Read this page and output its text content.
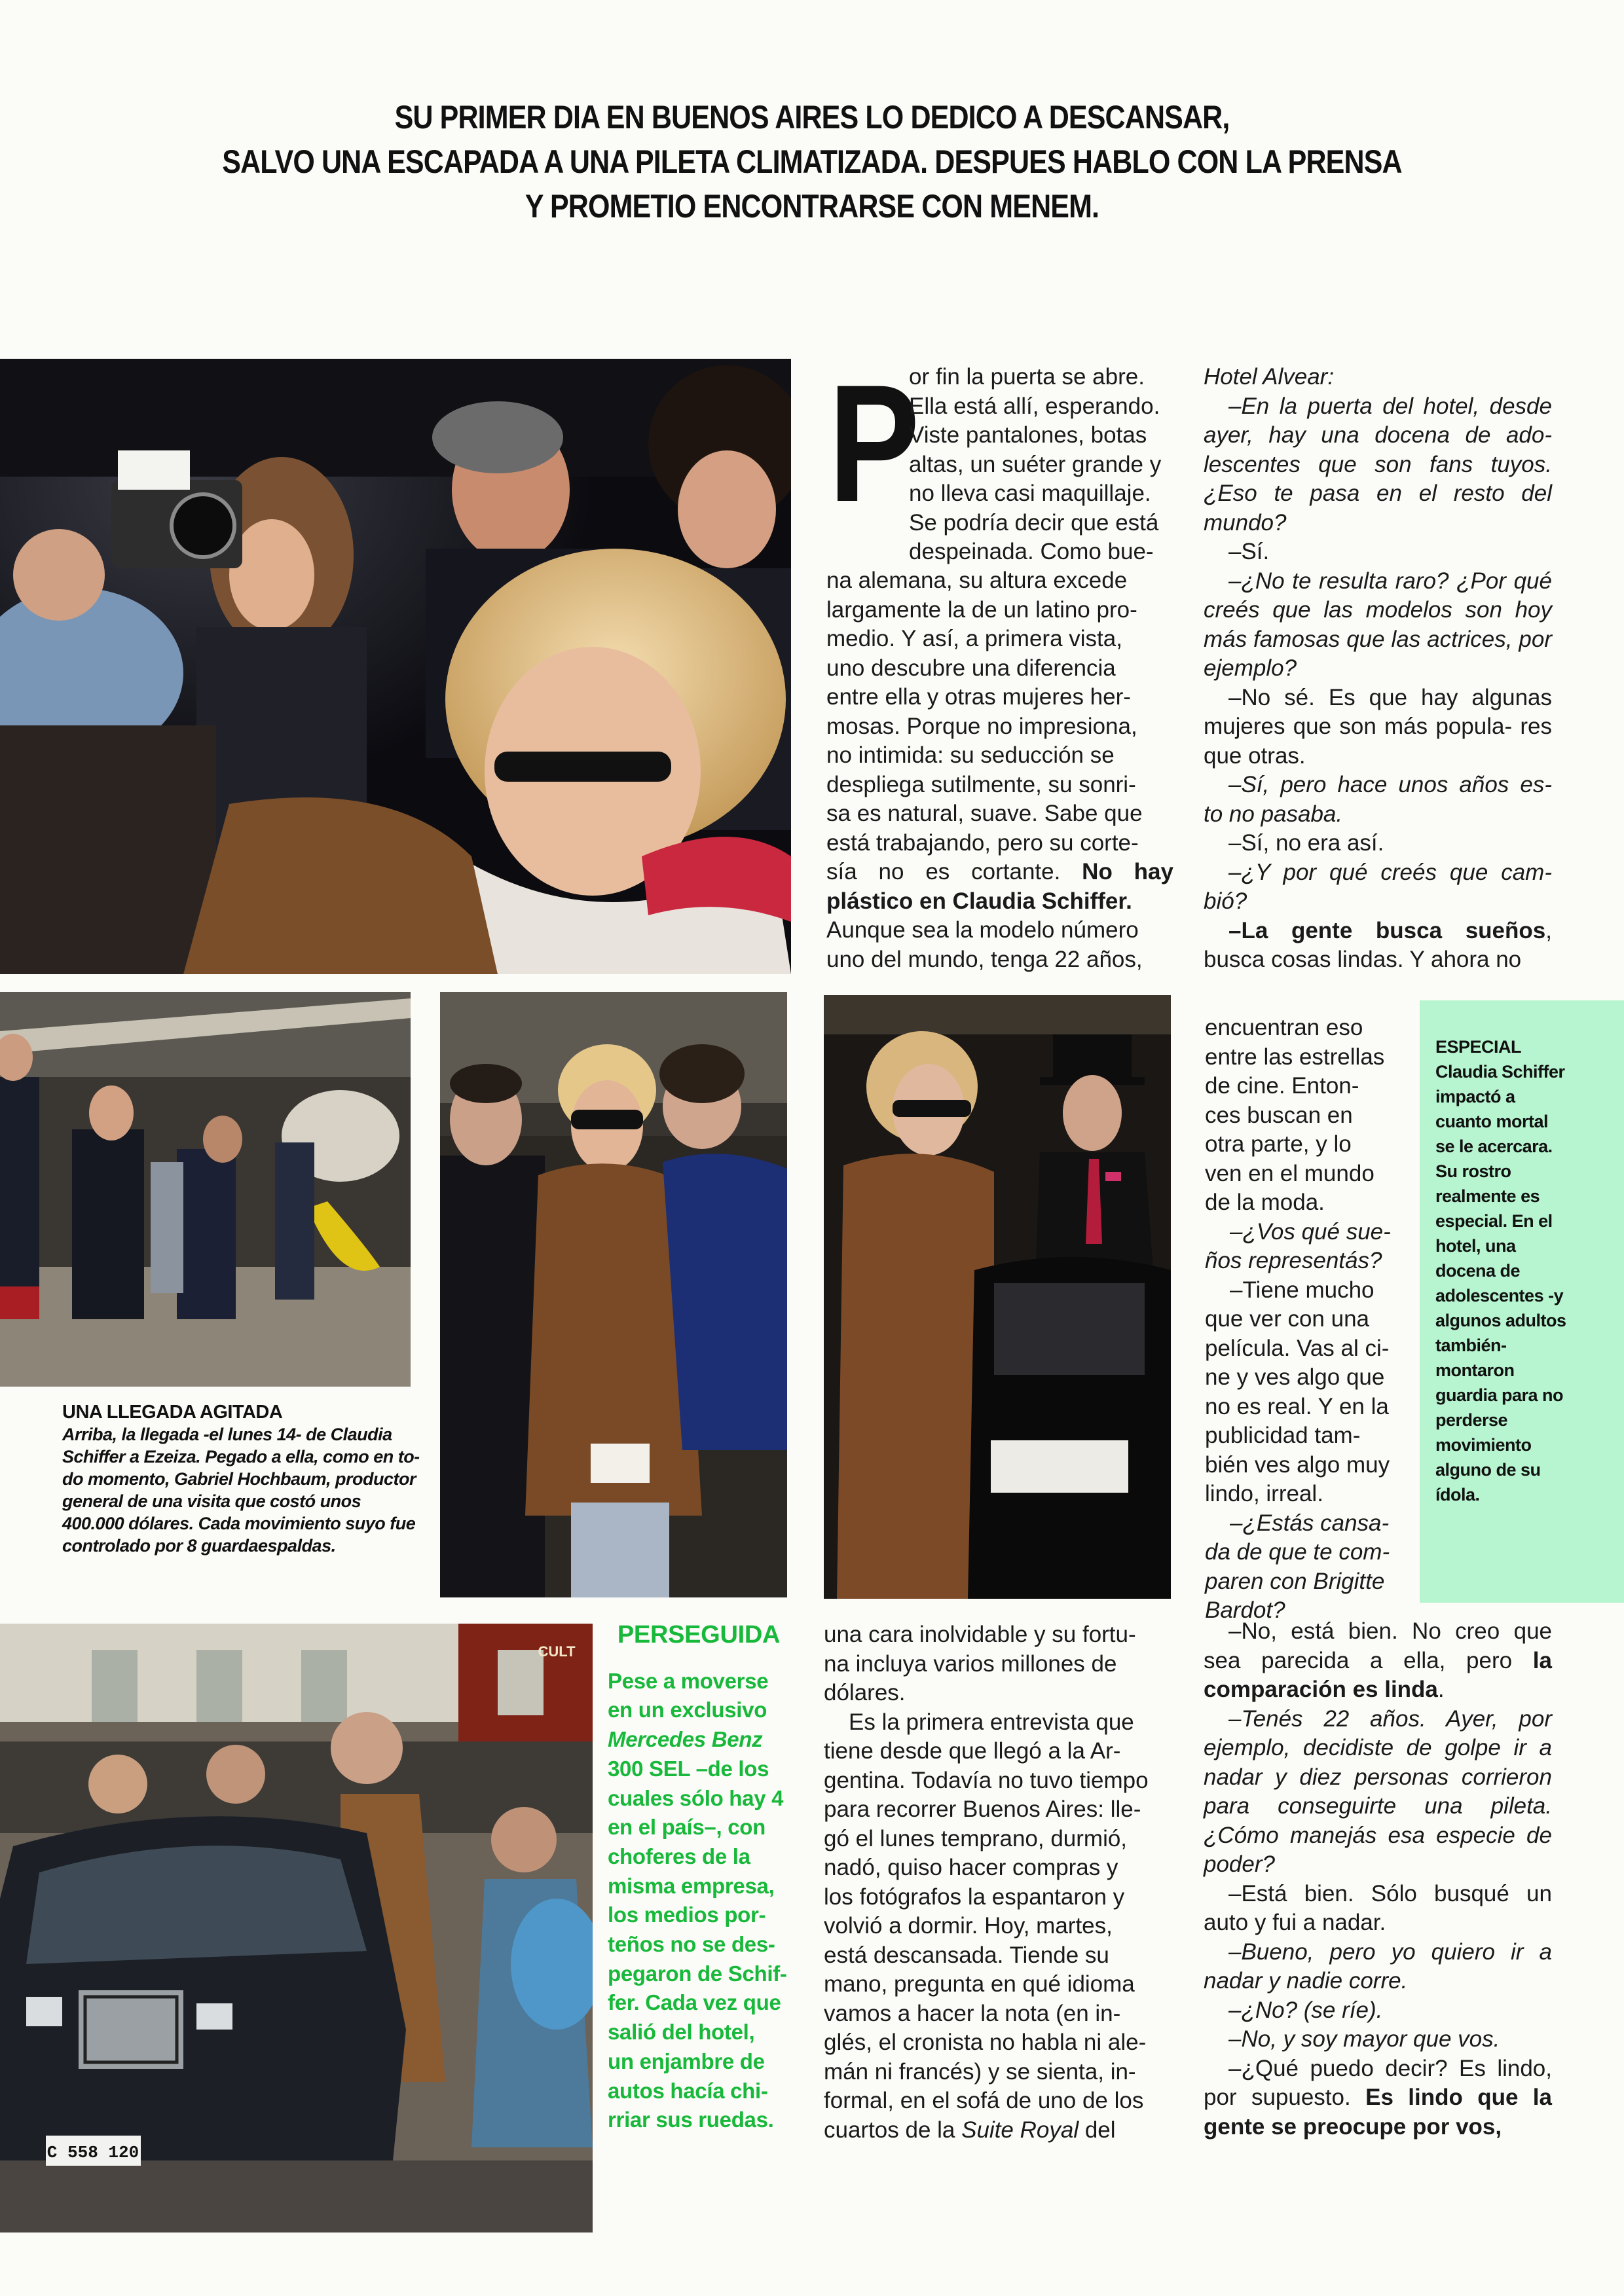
SU PRIMER DIA EN BUENOS AIRES LO DEDICO A DESCANSAR,
SALVO UNA ESCAPADA A UNA PILETA CLIMATIZADA. DESPUES HABLO CON LA PRENSA
Y PROMETIO ENCONTRARSE CON MENEM.
C 558 120
CULT
UNA LLEGADA AGITADA
Arriba, la llegada -el lunes 14- de Claudia
Schiffer a Ezeiza. Pegado a ella, como en to-
do momento, Gabriel Hochbaum, productor
general de una visita que costó unos
400.000 dólares. Cada movimiento suyo fue
controlado por 8 guardaespaldas.
PERSEGUIDA
Pese a moverse
en un exclusivo
Mercedes Benz
300 SEL –de los
cuales sólo hay 4
en el país–, con
choferes de la
misma empresa,
los medios por-
teños no se des-
pegaron de Schif-
fer. Cada vez que
salió del hotel,
un enjambre de
autos hacía chi-
rriar sus ruedas.
ESPECIAL
Claudia Schiffer
impactó a
cuanto mortal
se le acercara.
Su rostro
realmente es
especial. En el
hotel, una
docena de
adolescentes -y
algunos adultos
también-
montaron
guardia para no
perderse
movimiento
alguno de su
ídola.
P
or fin la puerta se abre.
Ella está allí, esperando.
Viste pantalones, botas
altas, un suéter grande y
no lleva casi maquillaje.
Se podría decir que está
despeinada. Como bue-
na alemana, su altura excede
largamente la de un latino pro-
medio. Y así, a primera vista,
uno descubre una diferencia
entre ella y otras mujeres her-
mosas. Porque no impresiona,
no intimida: su seducción se
despliega sutilmente, su sonri-
sa es natural, suave. Sabe que
está trabajando, pero su corte-

sía no es cortante. No hay plástico en Claudia Schiffer.

Aunque sea la modelo número
uno del mundo, tenga 22 años,
una cara inolvidable y su fortu-
na incluya varios millones de
dólares.
Es la primera entrevista que
tiene desde que llegó a la Ar-
gentina. Todavía no tuvo tiempo
para recorrer Buenos Aires: lle-
gó el lunes temprano, durmió,
nadó, quiso hacer compras y
los fotógrafos la espantaron y
volvió a dormir. Hoy, martes,
está descansada. Tiende su
mano, pregunta en qué idioma
vamos a hacer la nota (en in-
glés, el cronista no habla ni ale-
mán ni francés) y se sienta, in-
formal, en el sofá de uno de los
cuartos de la Suite Royal del

Hotel Alvear:

–En la puerta del hotel, desde ayer, hay una docena de ado- lescentes que son fans tuyos. ¿Eso te pasa en el resto del mundo?

–Sí.

–¿No te resulta raro? ¿Por qué creés que las modelos son hoy más famosas que las actrices, por ejemplo?

–No sé. Es que hay algunas mujeres que son más popula- res que otras.

–Sí, pero hace unos años es- to no pasaba.

–Sí, no era así.

–¿Y por qué creés que cam- bió?

–La gente busca sueños, busca cosas lindas. Y ahora no

encuentran eso
entre las estrellas
de cine. Enton-
ces buscan en
otra parte, y lo
ven en el mundo
de la moda.
–¿Vos qué sue-
ños representás?
–Tiene mucho
que ver con una
película. Vas al ci-
ne y ves algo que
no es real. Y en la
publicidad tam-
bién ves algo muy
lindo, irreal.
–¿Estás cansa-
da de que te com-
paren con Brigitte
Bardot?

–No, está bien. No creo que sea parecida a ella, pero la comparación es linda.

–Tenés 22 años. Ayer, por ejemplo, decidiste de golpe ir a nadar y diez personas corrieron para conseguirte una pileta. ¿Cómo manejás esa especie de poder?

–Está bien. Sólo busqué un auto y fui a nadar.

–Bueno, pero yo quiero ir a nadar y nadie corre.

–¿No? (se ríe).

–No, y soy mayor que vos.

–¿Qué puedo decir? Es lindo, por supuesto. Es lindo que la gente se preocupe por vos,
